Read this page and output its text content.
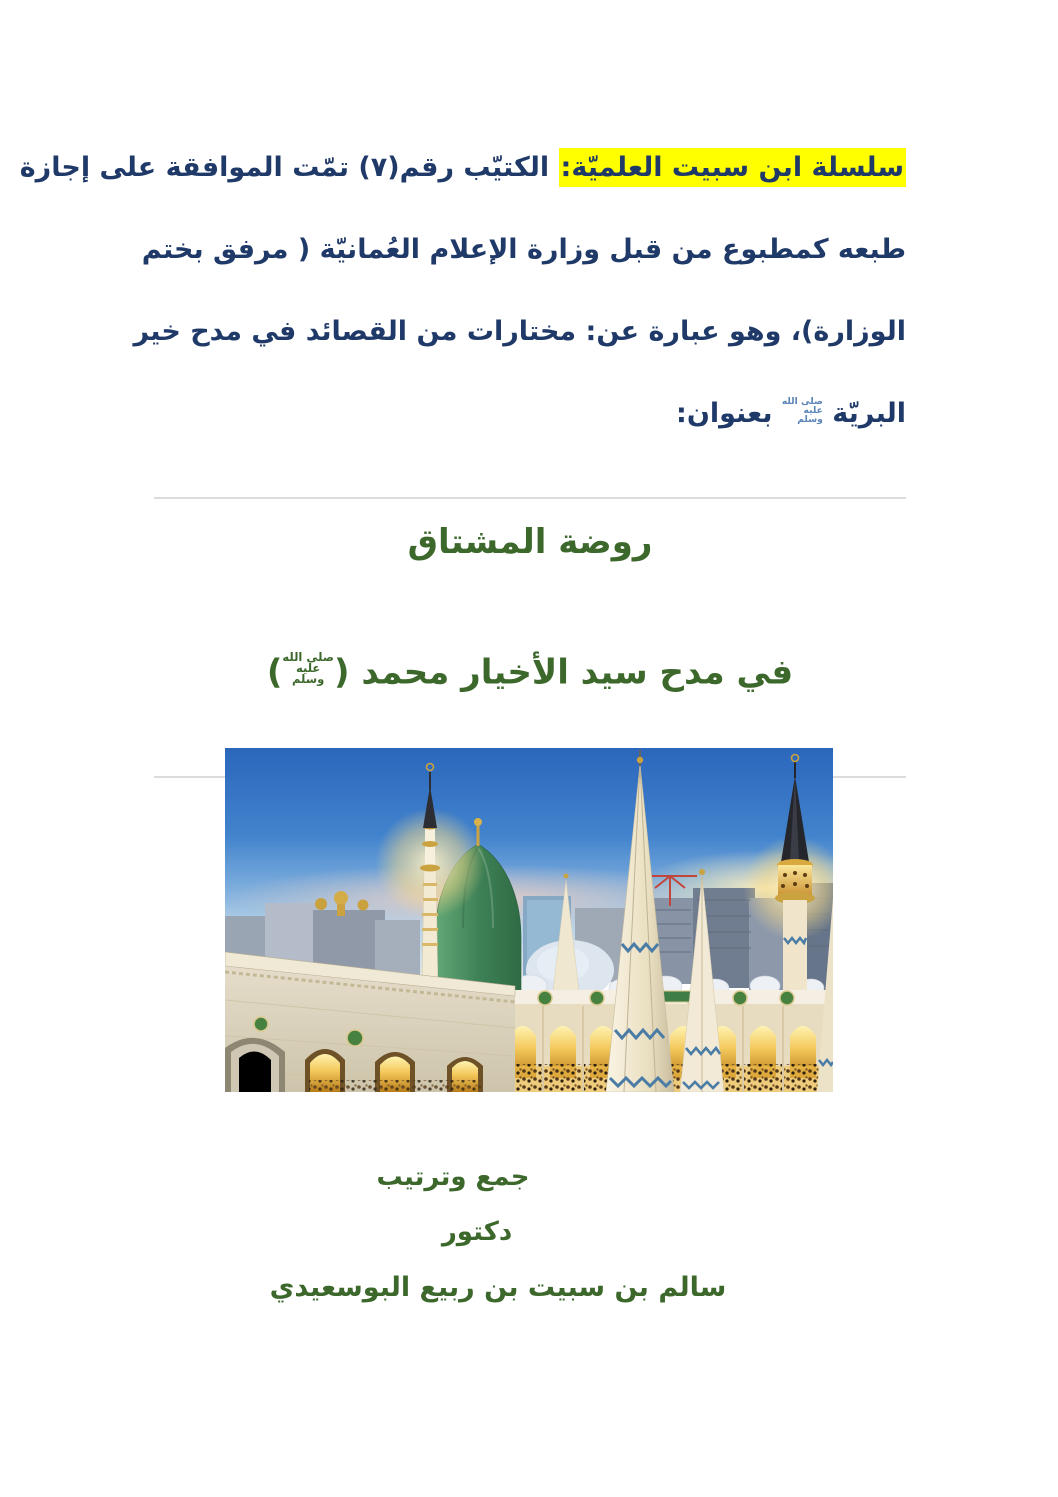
سلسلة ابن سبيت العلميّة: الكتيّب رقم(٧) تمّت الموافقة على إجازة
طبعه كمطبوع من قبل وزارة الإعلام العُمانيّة ( مرفق بختم
الوزارة)، وهو عبارة عن: مختارات من القصائد في مدح خير
البريّة
صلى الله
عليه
وسلم
بعنوان:
روضة المشتاق
في مدح سيد الأخيار محمد (
صلى الله
عليه
وسلم
)
جمع وترتيب
دكتور
سالم بن سبيت بن ربيع البوسعيدي
